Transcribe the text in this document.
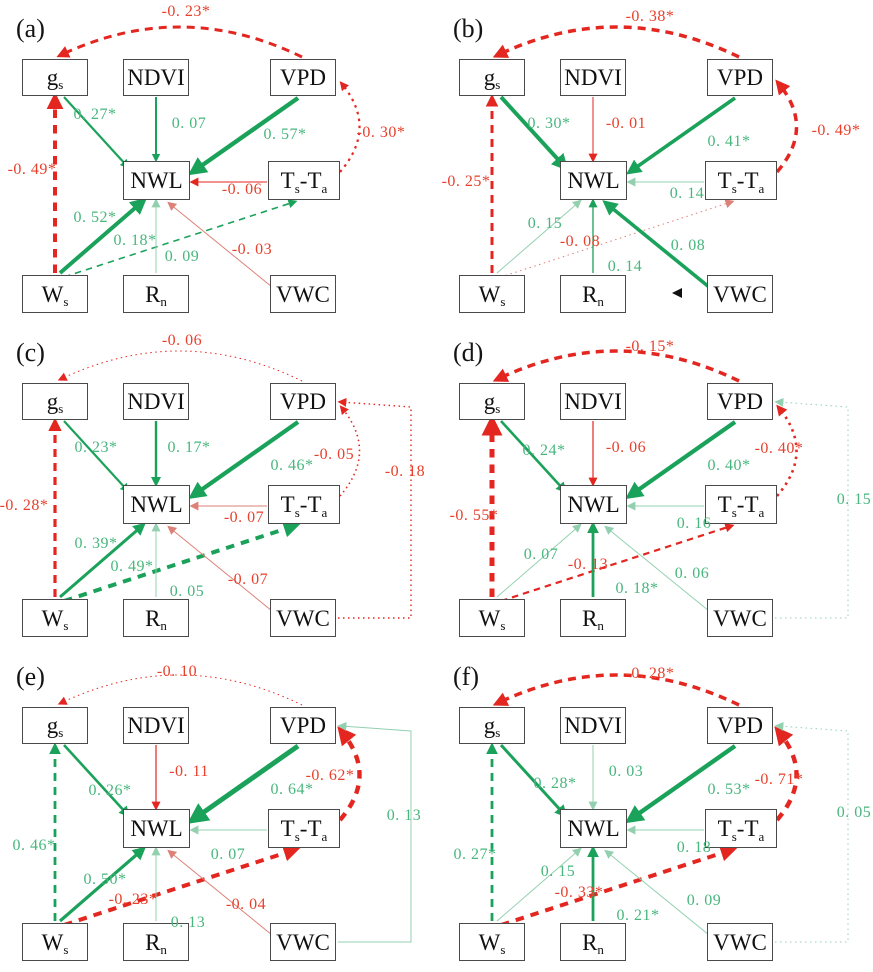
(a)
g s	NDVI	VPD
NWL	T s - T a
W s	R n	VWC
-0. 23*
-0. 49*
-0. 30*
0. 18*
-0. 03
0. 52*
0. 09
-0. 06
0. 07
0. 27*
0. 57*
(b)
g s	NDVI	VPD
NWL	T s - T a
W s	R n	VWC
-0. 38*
-0. 25*
-0. 49*
-0. 08	0. 08
0. 15
0. 14
0. 14
-0. 01
0. 30*
0. 41*
(c)
g s	NDVI	VPD
NWL	T s - T a
W s	R n	VWC
-0. 06
-0. 28*
-0. 05
-0. 18
0. 49*
-0. 07
0. 39*
0. 05
-0. 07
0. 17*
0. 23*
0. 46*
(d)
g s	NDVI	VPD
NWL	T s - T a
W s	R n	VWC
-0. 15*
-0. 55*
-0. 40*
0. 15
-0. 13
0. 06
0. 07
0. 18*
0. 16
-0. 06
0. 24*
0. 40*
(e)
g s	NDVI	VPD
NWL	T s - T a
W s	R n	VWC
-0. 10
0. 46*
-0. 62*
0. 13
-0. 23*	-0. 04
0. 50*
0. 13
0. 07
-0. 11
0. 26*	0. 64*
(f)
g s	NDVI	VPD
NWL	T s - T a
W s	R n	VWC
-0. 28*
0. 27*
-0. 71*
0. 05
-0. 33*	0. 09
0. 15
0. 21*
0. 18
0. 03
0. 28*	0. 53*
